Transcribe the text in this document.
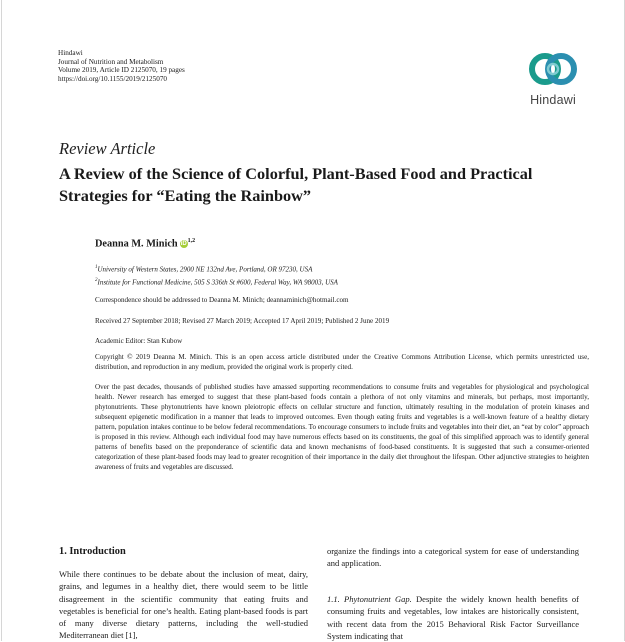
Hindawi
Journal of Nutrition and Metabolism
Volume 2019, Article ID 2125070, 19 pages
https://doi.org/10.1155/2019/2125070
Hindawi
Review Article
A Review of the Science of Colorful, Plant-Based Food and Practical Strategies for “Eating the Rainbow”
Deanna M. Minich iD$^{1,2}$
$^1$University of Western States, 2900 NE 132nd Ave, Portland, OR 97230, USA
$^2$Institute for Functional Medicine, 505 S 336th St #600, Federal Way, WA 98003, USA
Correspondence should be addressed to Deanna M. Minich; deannaminich@hotmail.com
Received 27 September 2018; Revised 27 March 2019; Accepted 17 April 2019; Published 2 June 2019
Academic Editor: Stan Kubow

Copyright © 2019 Deanna M. Minich. This is an open access article distributed under the Creative Commons Attribution License, which permits unrestricted use, distribution, and reproduction in any medium, provided the original work is properly cited.

Over the past decades, thousands of published studies have amassed supporting recommendations to consume fruits and vegetables for physiological and psychological health. Newer research has emerged to suggest that these plant-based foods contain a plethora of not only vitamins and minerals, but perhaps, most importantly, phytonutrients. These phytonutrients have known pleiotropic effects on cellular structure and function, ultimately resulting in the modulation of protein kinases and subsequent epigenetic modification in a manner that leads to improved outcomes. Even though eating fruits and vegetables is a well-known feature of a healthy dietary pattern, population intakes continue to be below federal recommendations. To encourage consumers to include fruits and vegetables into their diet, an “eat by color” approach is proposed in this review. Although each individual food may have numerous effects based on its constituents, the goal of this simplified approach was to identify general patterns of benefits based on the preponderance of scientific data and known mechanisms of food-based constituents. It is suggested that such a consumer-oriented categorization of these plant-based foods may lead to greater recognition of their importance in the daily diet throughout the lifespan. Other adjunctive strategies to heighten awareness of fruits and vegetables are discussed.

1. Introduction

While there continues to be debate about the inclusion of meat, dairy, grains, and legumes in a healthy diet, there would seem to be little disagreement in the scientific community that eating fruits and vegetables is beneficial for one’s health. Eating plant-based foods is part of many diverse dietary patterns, including the well-studied Mediterranean diet [1],

organize the findings into a categorical system for ease of understanding and application.

1.1. Phytonutrient Gap. Despite the widely known health benefits of consuming fruits and vegetables, low intakes are historically consistent, with recent data from the 2015 Behavioral Risk Factor Surveillance System indicating that
